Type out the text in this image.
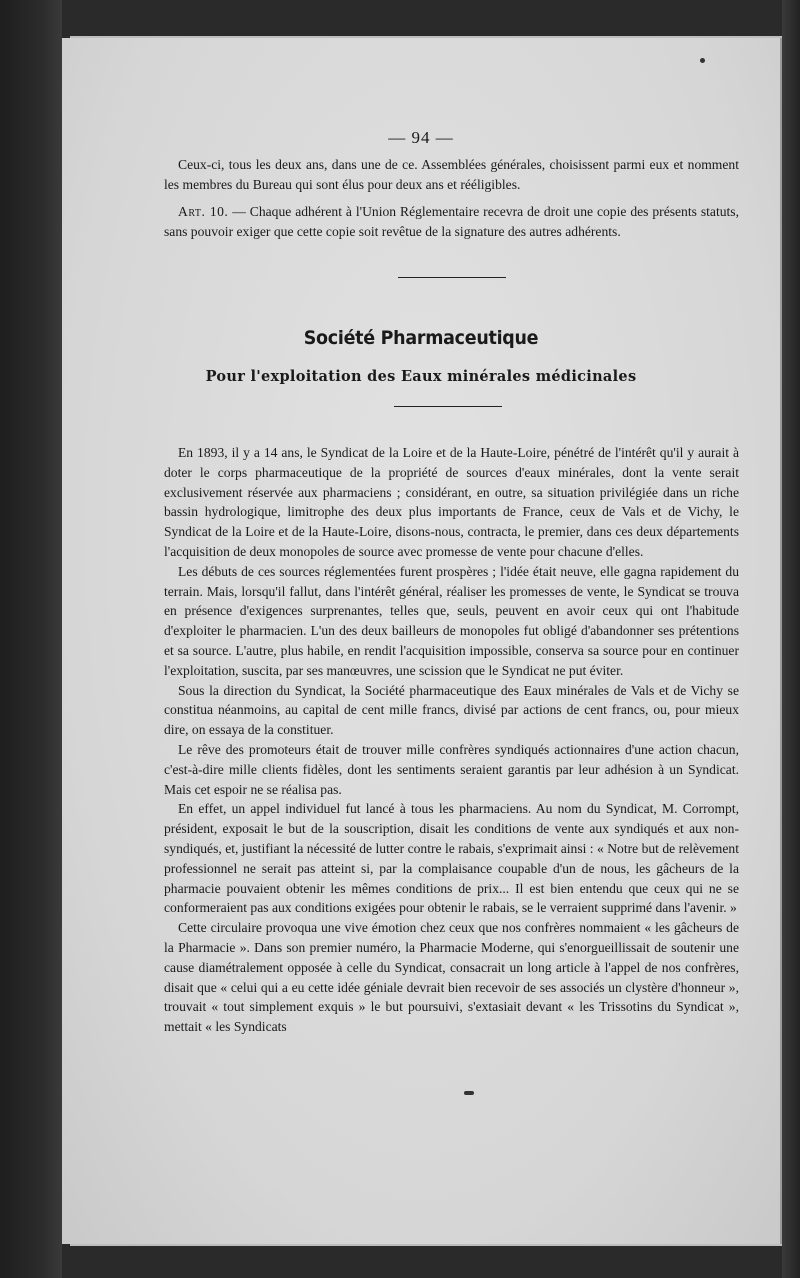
— 94 —

Ceux-ci, tous les deux ans, dans une de ce. Assemblées générales, choisissent parmi eux et nomment les membres du Bureau qui sont élus pour deux ans et rééligibles.

Art. 10. — Chaque adhérent à l'Union Réglementaire recevra de droit une copie des présents statuts, sans pouvoir exiger que cette copie soit revêtue de la signature des autres adhérents.

Société Pharmaceutique
Pour l'exploitation des Eaux minérales médicinales

En 1893, il y a 14 ans, le Syndicat de la Loire et de la Haute-Loire, pénétré de l'intérêt qu'il y aurait à doter le corps pharmaceutique de la propriété de sources d'eaux minérales, dont la vente serait exclusivement réservée aux pharmaciens ; considérant, en outre, sa situation privilégiée dans un riche bassin hydrologique, limitrophe des deux plus importants de France, ceux de Vals et de Vichy, le Syndicat de la Loire et de la Haute-Loire, disons-nous, contracta, le premier, dans ces deux départements l'acquisition de deux monopoles de source avec promesse de vente pour chacune d'elles.

Les débuts de ces sources réglementées furent prospères ; l'idée était neuve, elle gagna rapidement du terrain. Mais, lorsqu'il fallut, dans l'intérêt général, réaliser les promesses de vente, le Syndicat se trouva en présence d'exigences surprenantes, telles que, seuls, peuvent en avoir ceux qui ont l'habitude d'exploiter le pharmacien. L'un des deux bailleurs de monopoles fut obligé d'abandonner ses prétentions et sa source. L'autre, plus habile, en rendit l'acquisition impossible, conserva sa source pour en continuer l'exploitation, suscita, par ses manœuvres, une scission que le Syndicat ne put éviter.

Sous la direction du Syndicat, la Société pharmaceutique des Eaux minérales de Vals et de Vichy se constitua néanmoins, au capital de cent mille francs, divisé par actions de cent francs, ou, pour mieux dire, on essaya de la constituer.

Le rêve des promoteurs était de trouver mille confrères syndiqués actionnaires d'une action chacun, c'est-à-dire mille clients fidèles, dont les sentiments seraient garantis par leur adhésion à un Syndicat. Mais cet espoir ne se réalisa pas.

En effet, un appel individuel fut lancé à tous les pharmaciens. Au nom du Syndicat, M. Corrompt, président, exposait le but de la souscription, disait les conditions de vente aux syndiqués et aux non-syndiqués, et, justifiant la nécessité de lutter contre le rabais, s'exprimait ainsi : « Notre but de relèvement professionnel ne serait pas atteint si, par la complaisance coupable d'un de nous, les gâcheurs de la pharmacie pouvaient obtenir les mêmes conditions de prix... Il est bien entendu que ceux qui ne se conformeraient pas aux conditions exigées pour obtenir le rabais, se le verraient supprimé dans l'avenir. »

Cette circulaire provoqua une vive émotion chez ceux que nos confrères nommaient « les gâcheurs de la Pharmacie ». Dans son premier numéro, la Pharmacie Moderne, qui s'enorgueillissait de soutenir une cause diamétralement opposée à celle du Syndicat, consacrait un long article à l'appel de nos confrères, disait que « celui qui a eu cette idée géniale devrait bien recevoir de ses associés un clystère d'honneur », trouvait « tout simplement exquis » le but poursuivi, s'extasiait devant « les Trissotins du Syndicat », mettait « les Syndicats
